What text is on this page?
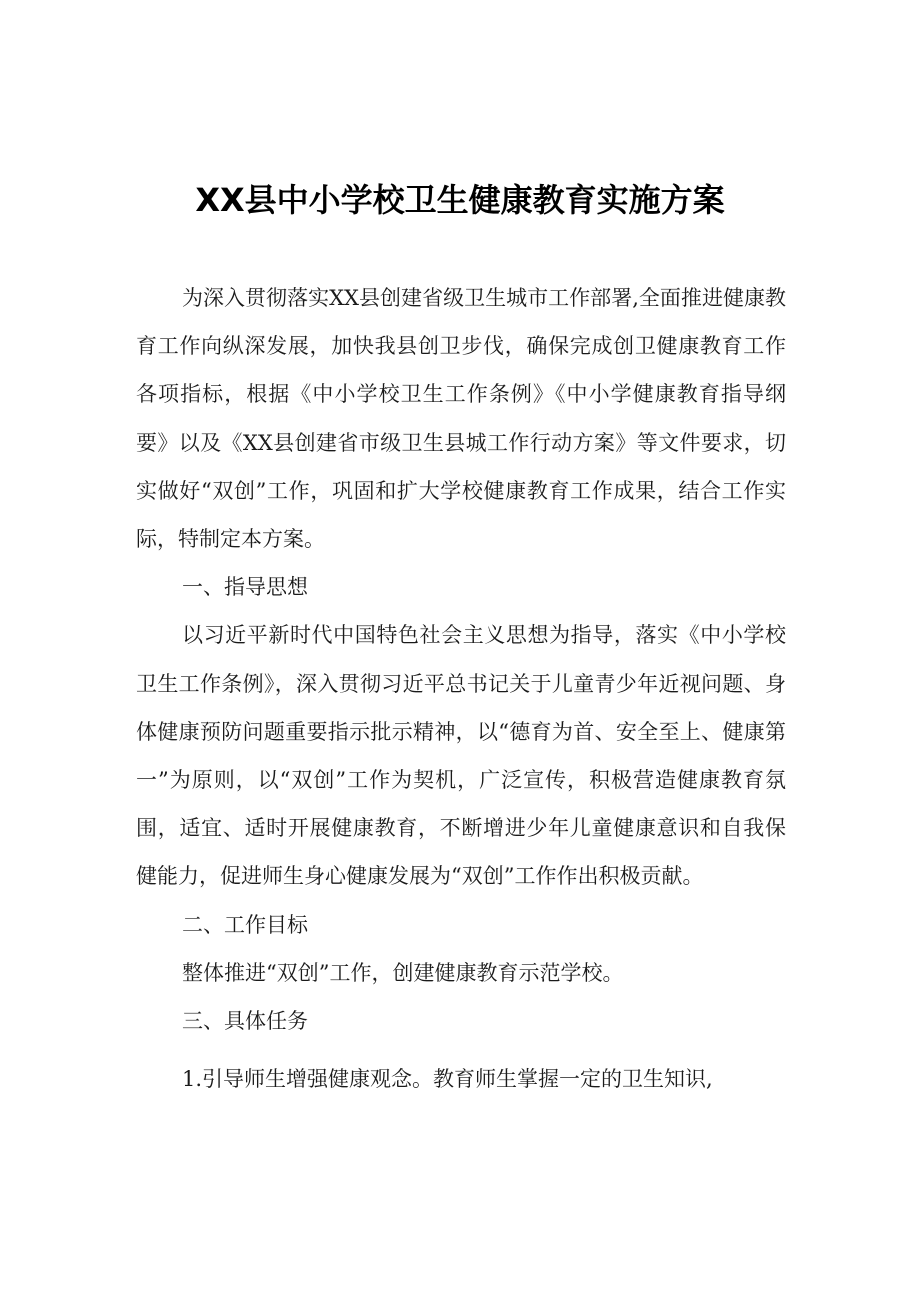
XX县中小学校卫生健康教育实施方案

为深入贯彻落实XX县创建省级卫生城市工作部署,全面推进健康教育工作向纵深发展，加快我县创卫步伐，确保完成创卫健康教育工作各项指标，根据《中小学校卫生工作条例》《中小学健康教育指导纲要》以及《XX县创建省市级卫生县城工作行动方案》等文件要求，切实做好“双创”工作，巩固和扩大学校健康教育工作成果，结合工作实际，特制定本方案。

一、指导思想

以习近平新时代中国特色社会主义思想为指导，落实《中小学校卫生工作条例》，深入贯彻习近平总书记关于儿童青少年近视问题、身体健康预防问题重要指示批示精神，以“德育为首、安全至上、健康第一”为原则，以“双创”工作为契机，广泛宣传，积极营造健康教育氛围，适宜、适时开展健康教育，不断增进少年儿童健康意识和自我保健能力，促进师生身心健康发展为“双创”工作作出积极贡献。

二、工作目标

整体推进“双创”工作，创建健康教育示范学校。

三、具体任务

1.引导师生增强健康观念。教育师生掌握一定的卫生知识,
